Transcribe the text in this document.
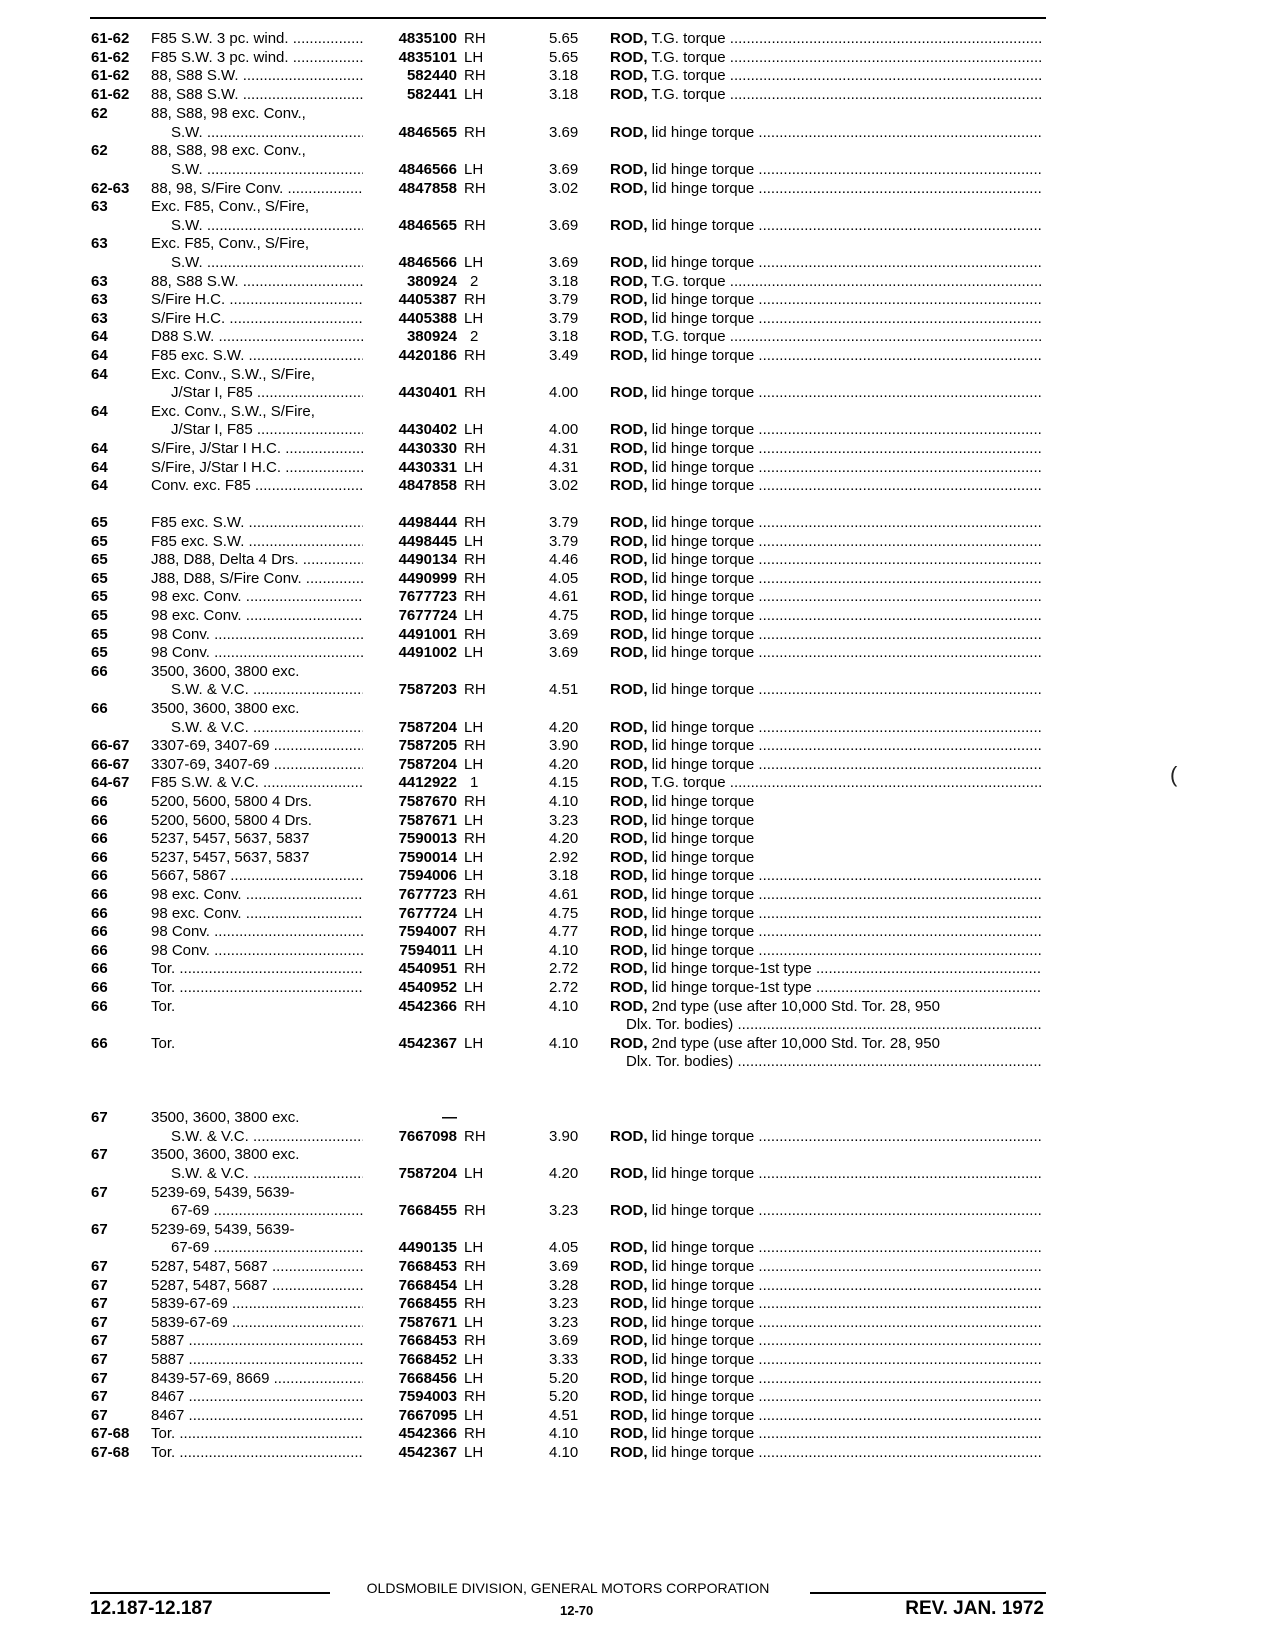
61-62 F85 S.W. 3 pc. wind. .....	4835100 RH	5.65 ROD, T.G. torque .....
61-62 F85 S.W. 3 pc. wind. .....	4835101 LH	5.65 ROD, T.G. torque .....
61-62 88, S88 S.W. .....	582440 RH	3.18 ROD, T.G. torque .....
61-62 88, S88 S.W. .....	582441 LH	3.18 ROD, T.G. torque .....
62	88, S88, 98 exc. Conv.,
S.W. .....	4846565 RH	3.69 ROD, lid hinge torque .....
62	88, S88, 98 exc. Conv.,
S.W. .....	4846566 LH	3.69 ROD, lid hinge torque .....
62-63 88, 98, S/Fire Conv. .....	4847858 RH	3.02 ROD, lid hinge torque .....
63	Exc. F85, Conv., S/Fire,
S.W. .....	4846565 RH	3.69 ROD, lid hinge torque .....
63	Exc. F85, Conv., S/Fire,
S.W. .....	4846566 LH	3.69 ROD, lid hinge torque .....
63	88, S88 S.W. .....	380924 2	3.18 ROD, T.G. torque .....
63	S/Fire H.C. .....	4405387 RH	3.79 ROD, lid hinge torque .....
63	S/Fire H.C. .....	4405388 LH	3.79 ROD, lid hinge torque .....
64	D88 S.W. .....	380924 2	3.18 ROD, T.G. torque .....
64	F85 exc. S.W. .....	4420186 RH	3.49 ROD, lid hinge torque .....
64	Exc. Conv., S.W., S/Fire,
J/Star I, F85 .....	4430401 RH	4.00 ROD, lid hinge torque .....
64	Exc. Conv., S.W., S/Fire,
J/Star I, F85 .....	4430402 LH	4.00 ROD, lid hinge torque .....
64	S/Fire, J/Star I H.C. .....	4430330 RH	4.31 ROD, lid hinge torque .....
64	S/Fire, J/Star I H.C. .....	4430331 LH	4.31 ROD, lid hinge torque .....
64	Conv. exc. F85 .....	4847858 RH	3.02 ROD, lid hinge torque .....
65	F85 exc. S.W. .....	4498444 RH	3.79 ROD, lid hinge torque .....
65	F85 exc. S.W. .....	4498445 LH	3.79 ROD, lid hinge torque .....
65	J88, D88, Delta 4 Drs. .....	4490134 RH	4.46 ROD, lid hinge torque .....
65	J88, D88, S/Fire Conv. .....	4490999 RH	4.05 ROD, lid hinge torque .....
65	98 exc. Conv. .....	7677723 RH	4.61 ROD, lid hinge torque .....
65	98 exc. Conv. .....	7677724 LH	4.75 ROD, lid hinge torque .....
65	98 Conv. .....	4491001 RH	3.69 ROD, lid hinge torque .....
65	98 Conv. .....	4491002 LH	3.69 ROD, lid hinge torque .....
66	3500, 3600, 3800 exc.
S.W. & V.C. .....	7587203 RH	4.51 ROD, lid hinge torque .....
66	3500, 3600, 3800 exc.
S.W. & V.C. .....	7587204 LH	4.20 ROD, lid hinge torque .....
66-67 3307-69, 3407-69 .....	7587205 RH	3.90 ROD, lid hinge torque .....
66-67 3307-69, 3407-69 .....	7587204 LH	4.20 ROD, lid hinge torque .....
64-67 F85 S.W. & V.C. .....	4412922 1	4.15 ROD, T.G. torque .....
66	5200, 5600, 5800 4 Drs.	7587670 RH	4.10 ROD, lid hinge torque
66	5200, 5600, 5800 4 Drs.	7587671 LH	3.23 ROD, lid hinge torque
66	5237, 5457, 5637, 5837	7590013 RH	4.20 ROD, lid hinge torque
66	5237, 5457, 5637, 5837	7590014 LH	2.92 ROD, lid hinge torque
66	5667, 5867 .....	7594006 LH	3.18 ROD, lid hinge torque .....
66	98 exc. Conv. .....	7677723 RH	4.61 ROD, lid hinge torque .....
66	98 exc. Conv. .....	7677724 LH	4.75 ROD, lid hinge torque .....
66	98 Conv. .....	7594007 RH	4.77 ROD, lid hinge torque .....
66	98 Conv. .....	7594011 LH	4.10 ROD, lid hinge torque .....
66	Tor. .....	4540951 RH	2.72 ROD, lid hinge torque-1st type .....
66	Tor. .....	4540952 LH	2.72 ROD, lid hinge torque-1st type .....
66	Tor.	4542366 RH	4.10 ROD, 2nd type (use after 10,000 Std. Tor. 28, 950
Dlx. Tor. bodies) .....
66	Tor.	4542367 LH	4.10 ROD, 2nd type (use after 10,000 Std. Tor. 28, 950
Dlx. Tor. bodies) .....
67	3500, 3600, 3800 exc.	—
S.W. & V.C. .....	7667098 RH	3.90 ROD, lid hinge torque .....
67	3500, 3600, 3800 exc.
S.W. & V.C. .....	7587204 LH	4.20 ROD, lid hinge torque .....
67	5239-69, 5439, 5639-
67-69 .....	7668455 RH	3.23 ROD, lid hinge torque .....
67	5239-69, 5439, 5639-
67-69 .....	4490135 LH	4.05 ROD, lid hinge torque .....
67	5287, 5487, 5687 .....	7668453 RH	3.69 ROD, lid hinge torque .....
67	5287, 5487, 5687 .....	7668454 LH	3.28 ROD, lid hinge torque .....
67	5839-67-69 .....	7668455 RH	3.23 ROD, lid hinge torque .....
67	5839-67-69 .....	7587671 LH	3.23 ROD, lid hinge torque .....
67	5887 .....	7668453 RH	3.69 ROD, lid hinge torque .....
67	5887 .....	7668452 LH	3.33 ROD, lid hinge torque .....
67	8439-57-69, 8669 .....	7668456 LH	5.20 ROD, lid hinge torque .....
67	8467 .....	7594003 RH	5.20 ROD, lid hinge torque .....
67	8467 .....	7667095 LH	4.51 ROD, lid hinge torque .....
67-68 Tor. .....	4542366 RH	4.10 ROD, lid hinge torque .....
67-68 Tor. .....	4542367 LH	4.10 ROD, lid hinge torque .....
OLDSMOBILE DIVISION, GENERAL MOTORS CORPORATION
12.187-12.187	12-70	REV. JAN. 1972
(
